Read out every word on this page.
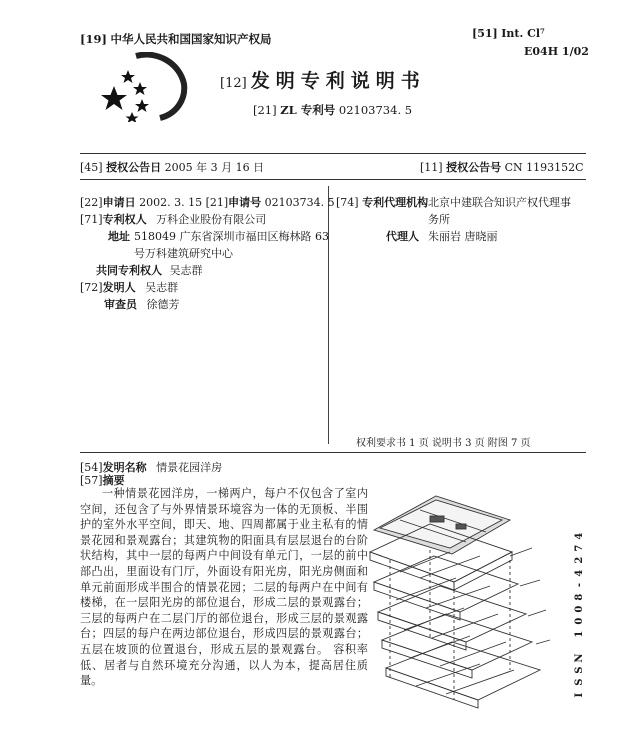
[19] 中华人民共和国国家知识产权局	[51] Int. Cl⁷
E04H 1/02
[12] 发明专利说明书
[21] ZL 专利号 02103734. 5
[45] 授权公告日 2005 年 3 月 16 日	[11] 授权公告号 CN 1193152C
[22]申请日 2002. 3. 15 [21]申请号 02103734. 5
[71]专利权人 万科企业股份有限公司
地址 518049 广东省深圳市福田区梅林路 63
号万科建筑研究中心
共同专利权人 吴志群
[72]发明人 吴志群
审查员 徐德芳
[74] 专利代理机构 北京中建联合知识产权代理事
务所
代理人 朱丽岩 唐晓丽
权利要求书 1 页 说明书 3 页 附图 7 页
[54]发明名称 情景花园洋房
[57]摘要

一种情景花园洋房，一梯两户，每户不仅包含了室内空间，还包含了与外界情景环境容为一体的无顶板、半围护的室外水平空间，即天、地、四周都属于业主私有的情景花园和景观露台；其建筑物的阳面具有层层退台的台阶状结构，其中一层的每两户中间设有单元门，一层的前中部凸出，里面设有门厅，外面设有阳光房，阳光房侧面和单元前面形成半围合的情景花园；二层的每两户在中间有楼梯，在一层阳光房的部位退台，形成二层的景观露台；三层的每两户在二层门厅的部位退台，形成三层的景观露台；四层的每户在两边部位退台，形成四层的景观露台；五层在坡顶的位置退台，形成五层的景观露台。 容积率低、居者与自然环境充分沟通，以人为本，提高居住质量。

4
7
2
4
-
8
0
0
1

N
S
S
I
